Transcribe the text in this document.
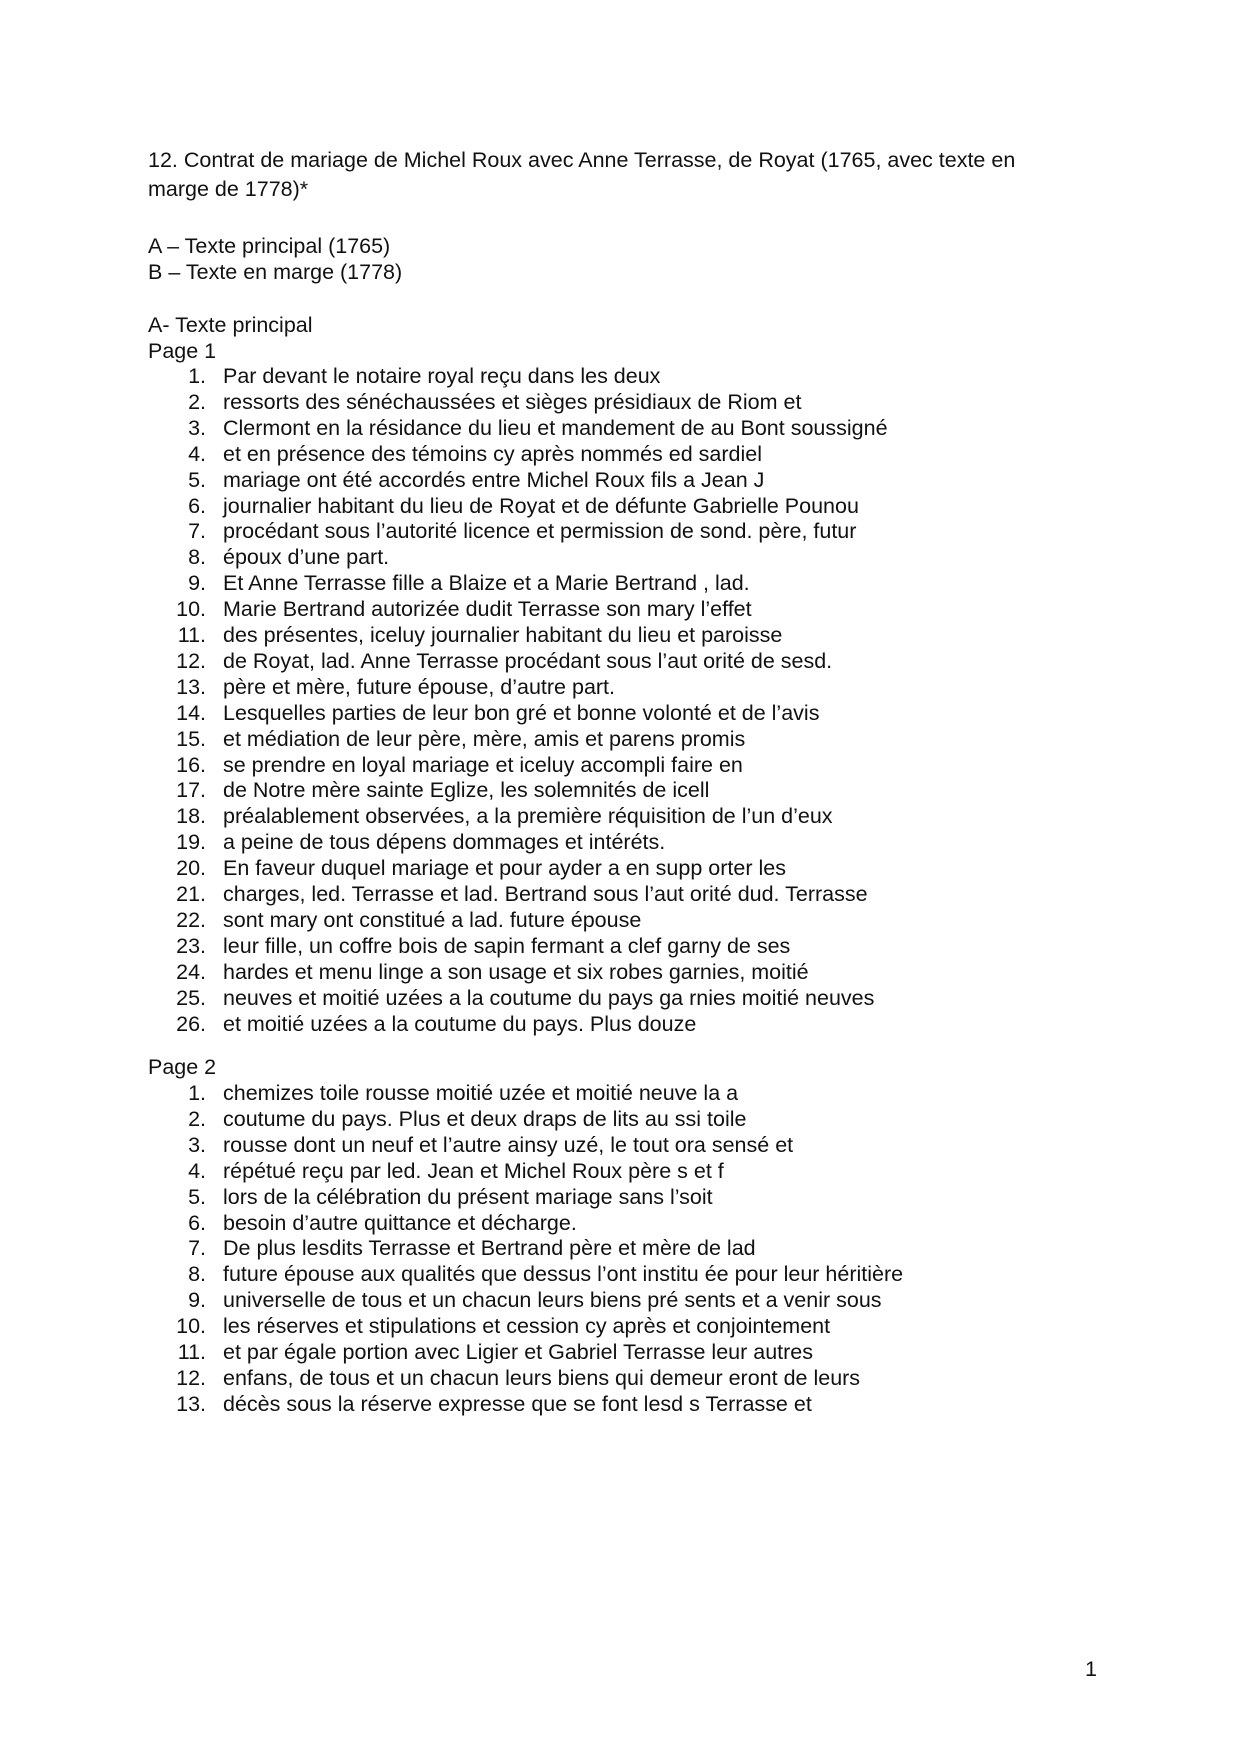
12. Contrat de mariage de Michel Roux avec Anne Terrasse, de Royat (1765, avec texte en
marge de 1778)*
A – Texte principal (1765)
B – Texte en marge (1778)
A- Texte principal
Page 1
1. Par devant le notaire royal reçu dans les deux
2. ressorts des sénéchaussées et sièges présidiaux de Riom et
3. Clermont en la résidance du lieu et mandement de au Bont soussigné
4. et en présence des témoins cy après nommés ed sardiel
5. mariage ont été accordés entre Michel Roux fils a Jean J
6. journalier habitant du lieu de Royat et de défunte Gabrielle Pounou
7. procédant sous l’autorité licence et permission de sond. père, futur
8. époux d’une part.
9. Et Anne Terrasse fille a Blaize et a Marie Bertrand , lad.
10. Marie Bertrand autorizée dudit Terrasse son mary l’effet
11. des présentes, iceluy journalier habitant du lieu et paroisse
12. de Royat, lad. Anne Terrasse procédant sous l’aut orité de sesd.
13. père et mère, future épouse, d’autre part.
14. Lesquelles parties de leur bon gré et bonne volonté et de l’avis
15. et médiation de leur père, mère, amis et parens promis
16. se prendre en loyal mariage et iceluy accompli faire en
17. de Notre mère sainte Eglize, les solemnités de icell
18. préalablement observées, a la première réquisition de l’un d’eux
19. a peine de tous dépens dommages et intéréts.
20. En faveur duquel mariage et pour ayder a en supp orter les
21. charges, led. Terrasse et lad. Bertrand sous l’aut orité dud. Terrasse
22. sont mary ont constitué a lad. future épouse
23. leur fille, un coffre bois de sapin fermant a clef garny de ses
24. hardes et menu linge a son usage et six robes garnies, moitié
25. neuves et moitié uzées a la coutume du pays ga rnies moitié neuves
26. et moitié uzées a la coutume du pays. Plus douze
Page 2
1. chemizes toile rousse moitié uzée et moitié neuve la a
2. coutume du pays. Plus et deux draps de lits au ssi toile
3. rousse dont un neuf et l’autre ainsy uzé, le tout ora sensé et
4. répétué reçu par led. Jean et Michel Roux père s et f
5. lors de la célébration du présent mariage sans l’soit
6. besoin d’autre quittance et décharge.
7. De plus lesdits Terrasse et Bertrand père et mère de lad
8. future épouse aux qualités que dessus l’ont institu ée pour leur héritière
9. universelle de tous et un chacun leurs biens pré sents et a venir sous
10. les réserves et stipulations et cession cy après et conjointement
11. et par égale portion avec Ligier et Gabriel Terrasse leur autres
12. enfans, de tous et un chacun leurs biens qui demeur eront de leurs
13. décès sous la réserve expresse que se font lesd s Terrasse et
1
